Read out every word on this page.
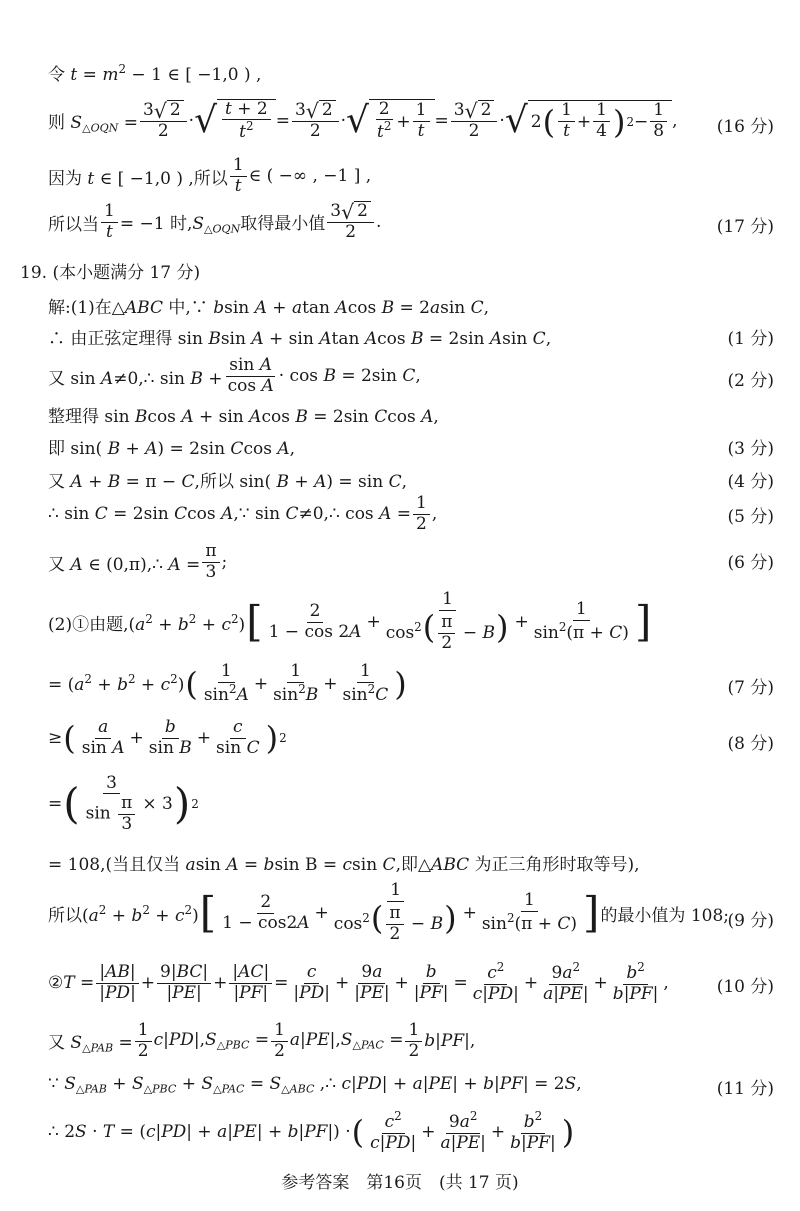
令 $t = m^2 - 1$ ∈ [ −1,0 ) ,
则 $S_{\triangle OQN} = \frac{3 √ 2}{2}$ · √ $\frac{t + 2}{t^2} = \frac{3 √ 2}{2}$ · √ $\frac{2}{t^2} + \frac{1}{t} = \frac{3 √ 2}{2}$ · √ 2 ( $\frac{1}{t} + \frac{1}{4}$ ) $2 - \frac{1}{8}$ , (16 分)
因为 t ∈ [ −1,0 ) ,所以 $\frac{1}{t}$ ∈ ( −∞ , −1 ] ,
所以当 $\frac{1}{t} = -1$ 时$,S_{\triangle OQN}$取得最小值 $\frac{3 √ 2}{2}$ .	(17 分)
19. (本小题满分 17 分)
解:(1)在△ABC 中,∵ bsin A + atan Acos B = 2asin C,
∴ 由正弦定理得 sin Bsin A + sin Atan Acos B = 2sin Asin C,	(1 分)
又 sin A≠0,∴ $\sin B + \frac{\text{sin A}}{\text{cos A}} \cdot \cos B = 2\sin$ C,	(2 分)
整理得 sin Bcos A + sin Acos B = 2sin Ccos A,
即 sin( B + A) = 2sin Ccos A,	(3 分)
又 A + B = π − C,所以 sin( B + A) = sin C,	(4 分)
∴ sin C = 2sin Ccos A,∵ sin C≠0,∴ $\cos A = \frac{1}{2}$ ,	(5 分)
又 A ∈ (0,π),∴ $A = \frac{\pi}{3}$ ;	(6 分)
(2)①由题$,(a^2 + b^2 + c^2)$ [ $\frac{2}{1 - \cos 2A} + \frac{1}{\cos^2( \frac{\pi}{2} - B)} + \frac{1}{\sin^2(\pi + C)}$ ]
= $(a^2 + b^2 + c^2)$ ( $\frac{1}{\sin^2A} + \frac{1}{\sin^2B} + \frac{1}{\sin^2C}$ )	(7 分)
≥ ( $\frac{a}{\text{sin A}} + \frac{b}{\text{sin B}} + \frac{c}{\text{sin C}}$ ) 2	(8 分)
= ( $\frac{3}{\sin \frac{\pi}{3}} \times 3$ ) 2
= 108,(当且仅当 asin A = bsin B = csin C,即△ABC 为正三角形时取等号),
所以$(a^2 + b^2 + c^2)$ [ $\frac{2}{1 - \cos 2A} + \frac{1}{\cos^2( \frac{\pi}{2} - B)} + \frac{1}{\sin^2(\pi + C)}$ ] 的最小值为 108;
(9 分)
②T = $\frac{|AB|}{|PD|} + \frac{9|BC|}{|PE|} + \frac{|AC|}{|PF|} = \frac{c}{|PD|} + \frac{9a}{|PE|} + \frac{b}{|PF|} = \frac{c^2}{c|PD|} + \frac{9a^2}{a|PE|} + \frac{b^2}{b|PF|}$ ,	(10 分)
又 $S_{\triangle PAB} = \frac{1}{2} c|PD|,S_{\triangle PBC} = \frac{1}{2} a|PE|,S_{\triangle PAC} = \frac{1}{2} b|PF|$,
∵ $S_{\triangle PAB} + S_{\triangle PBC} + S_{\triangle PAC} = S_{\triangle ABC}$ ,∴ c|PD| + a|PE| + b|PF| = 2S,	(11 分)
∴ 2S · T = (c|PD| + a|PE| + b|PF|) · ( $\frac{c^2}{c|PD|} + \frac{9a^2}{a|PE|} + \frac{b^2}{b|PF|}$ )
参考答案　第16页　(共 17 页)
